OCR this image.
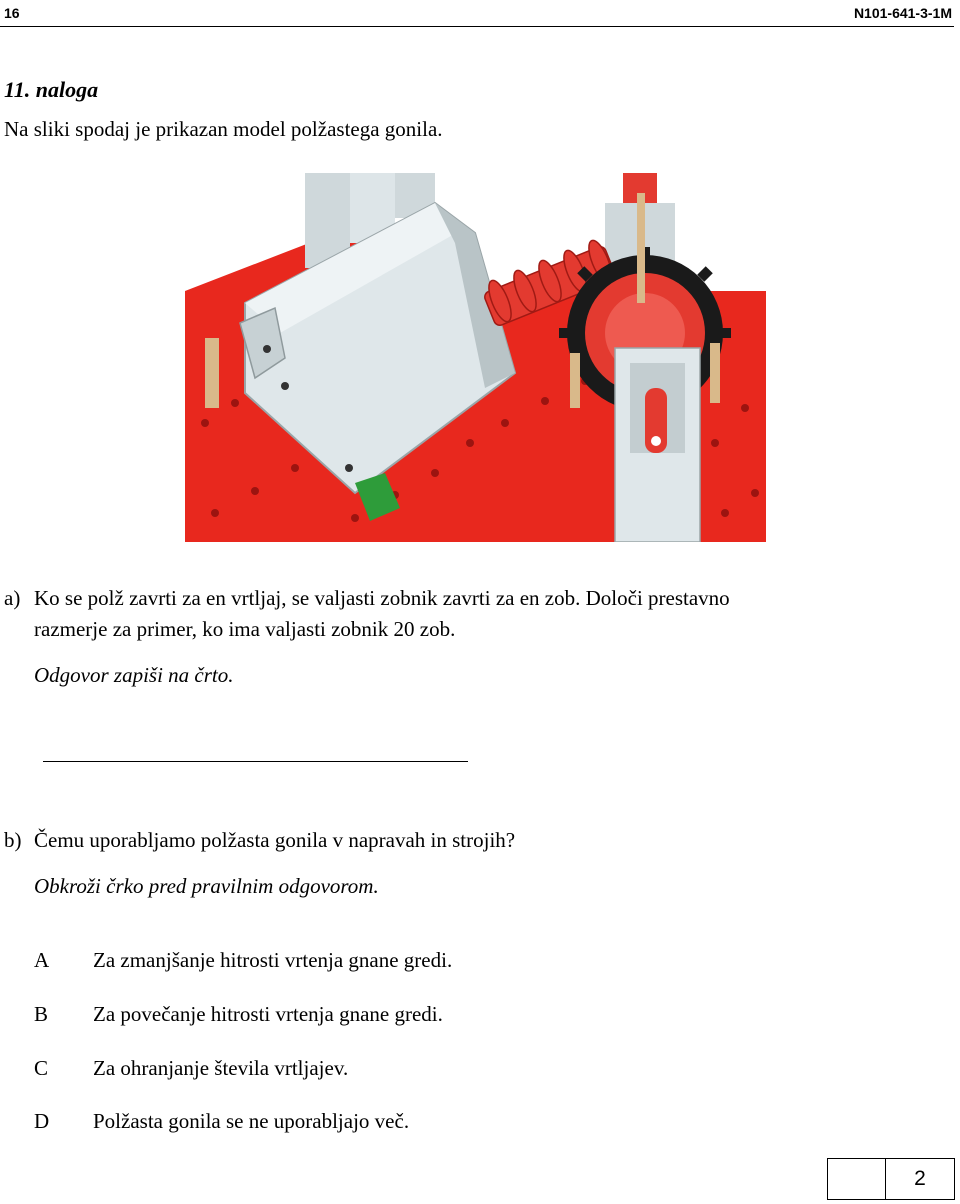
16	N101-641-3-1M
11. naloga
Na sliki spodaj je prikazan model polžastega gonila.
a) Ko se polž zavrti za en vrtljaj, se valjasti zobnik zavrti za en zob. Določi prestavno
razmerje za primer, ko ima valjasti zobnik 20 zob.
Odgovor zapiši na črto.
b) Čemu uporabljamo polžasta gonila v napravah in strojih?
Obkroži črko pred pravilnim odgovorom.
A Za zmanjšanje hitrosti vrtenja gnane gredi.
B Za povečanje hitrosti vrtenja gnane gredi.
C Za ohranjanje števila vrtljajev.
D Polžasta gonila se ne uporabljajo več.
2
